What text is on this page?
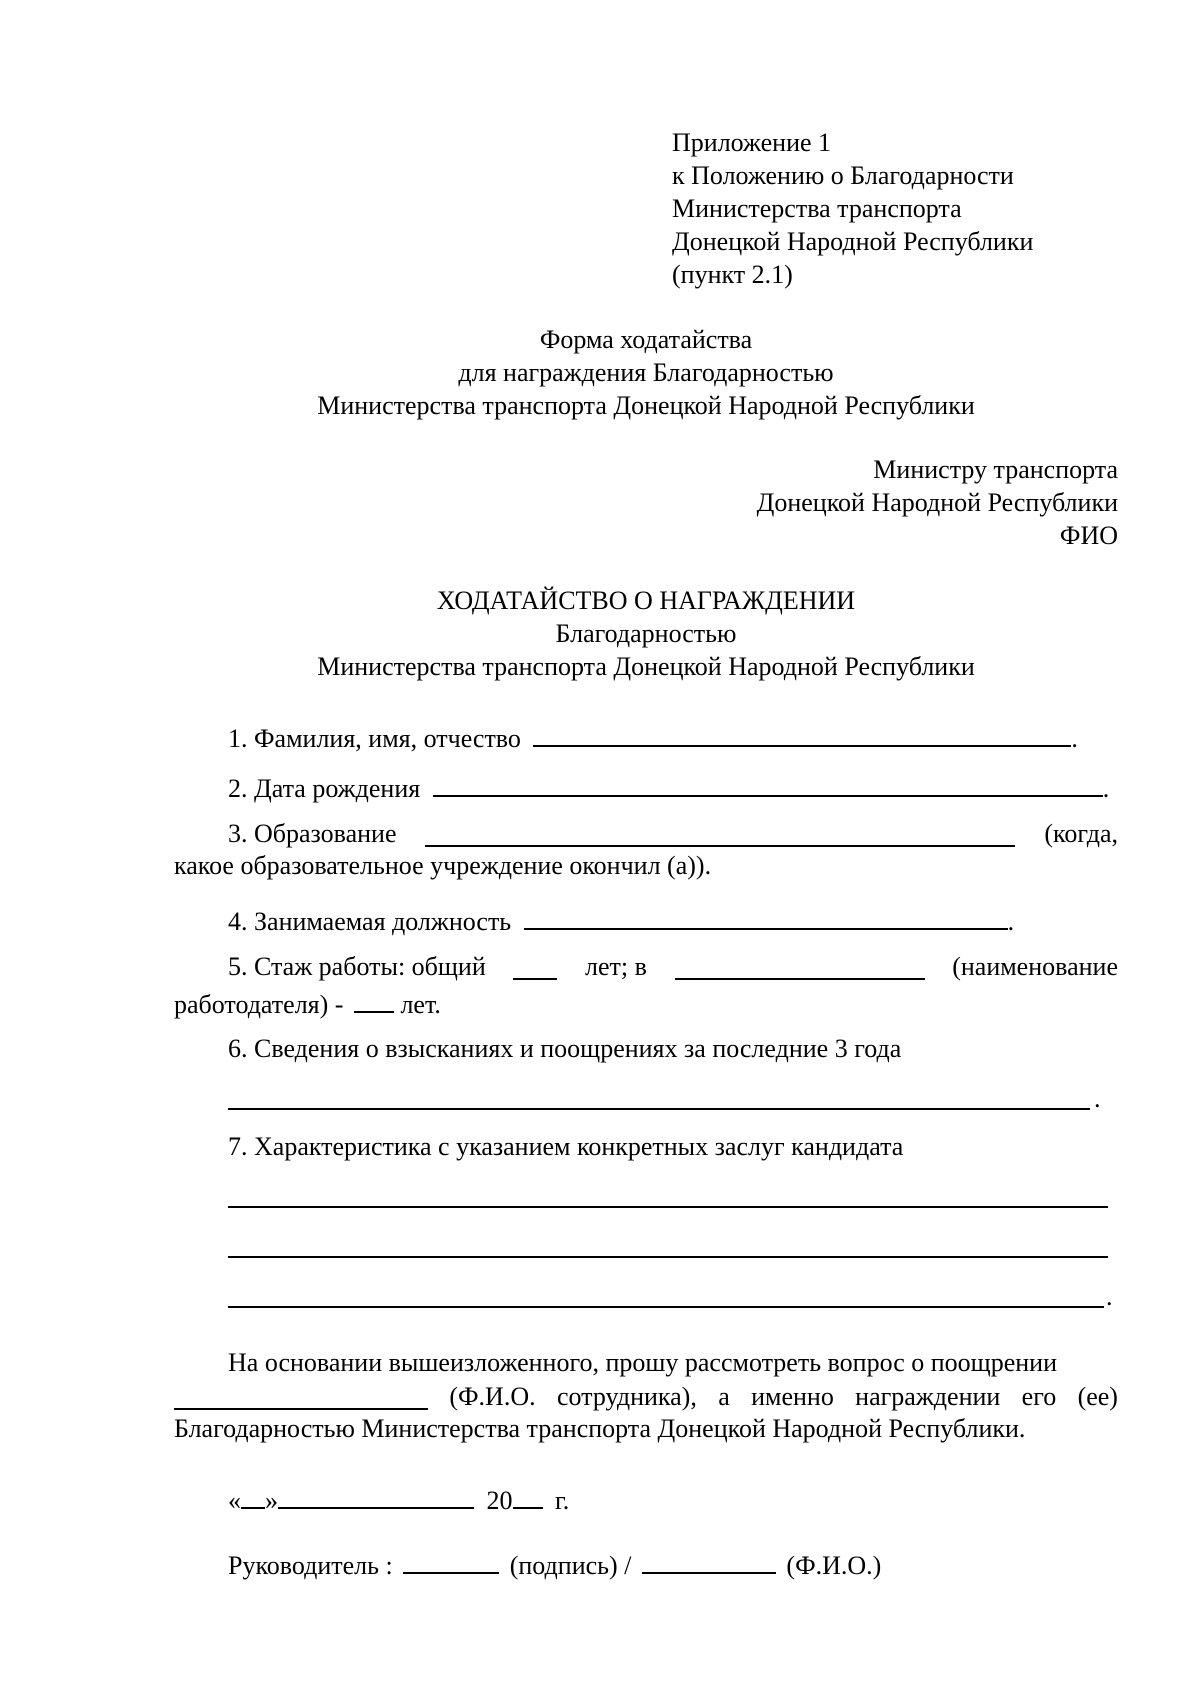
Приложение 1
к Положению о Благодарности
Министерства транспорта
Донецкой Народной Республики
(пункт 2.1)
Форма ходатайства
для награждения Благодарностью
Министерства транспорта Донецкой Народной Республики
Министру транспорта
Донецкой Народной Республики
ФИО
ХОДАТАЙСТВО О НАГРАЖДЕНИИ
Благодарностью
Министерства транспорта Донецкой Народной Республики
1. Фамилия, имя, отчество	.
2. Дата рождения	.
3. Образование	(когда,
какое образовательное учреждение окончил (а)).
4. Занимаемая должность	.
5. Стаж работы: общий	лет; в	(наименование
работодателя) - лет.
6. Сведения о взысканиях и поощрениях за последние 3 года
.
7. Характеристика с указанием конкретных заслуг кандидата
.
На основании вышеизложенного, прошу рассмотреть вопрос о поощрении
(Ф.И.О. сотрудника), а именно награждении его (ее)
Благодарностью Министерства транспорта Донецкой Народной Республики.
« »	20 г.
Руководитель :	(подпись) /	(Ф.И.О.)
